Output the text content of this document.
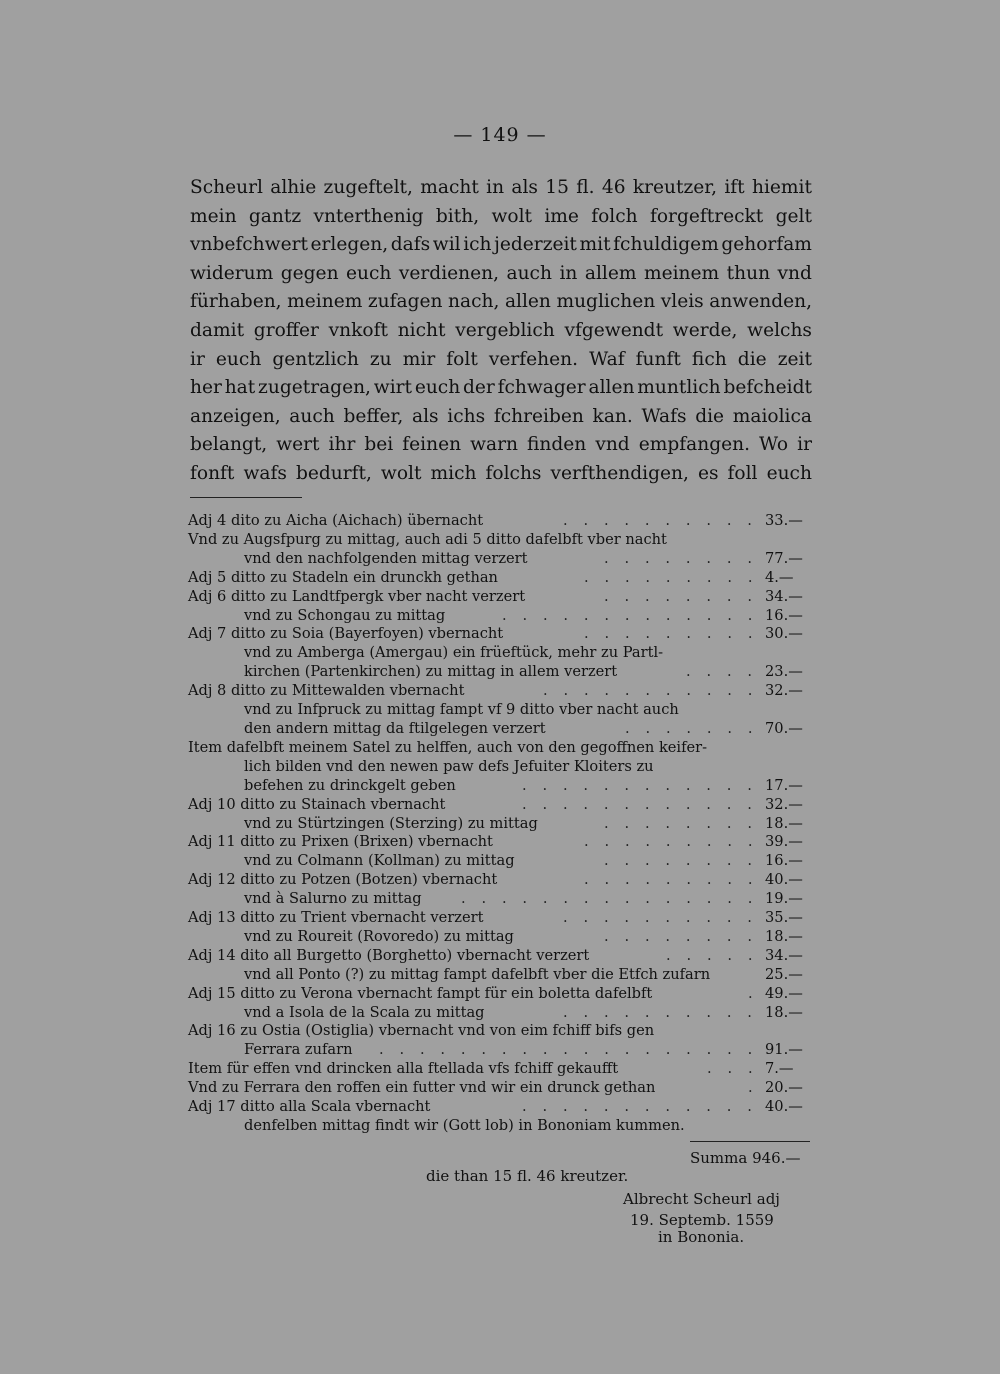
— 149 —
Scheurl alhie zugeftelt, macht in als 15 fl. 46 kreutzer, ift hiemit
mein gantz vnterthenig bith, wolt ime folch forgeftreckt gelt
vnbefchwert erlegen, dafs wil ich jederzeit mit fchuldigem gehorfam
widerum gegen euch verdienen, auch in allem meinem thun vnd
fürhaben, meinem zufagen nach, allen muglichen vleis anwenden,
damit groffer vnkoft nicht vergeblich vfgewendt werde, welchs
ir euch gentzlich zu mir folt verfehen. Waf funft fich die zeit
her hat zugetragen, wirt euch der fchwager allen muntlich befcheidt
anzeigen, auch beffer, als ichs fchreiben kan. Wafs die maiolica
belangt, wert ihr bei feinen warn finden vnd empfangen. Wo ir
fonft wafs bedurft, wolt mich folchs verfthendigen, es foll euch
Adj 4 dito zu Aicha (Aichach) übernacht	. . . . . . . . . . 33.—
Vnd zu Augsfpurg zu mittag, auch adi 5 ditto dafelbft vber nacht
vnd den nachfolgenden mittag verzert	. . . . . . . . 77.—
Adj 5 ditto zu Stadeln ein drunckh gethan	. . . . . . . . . 4.—
Adj 6 ditto zu Landtfpergk vber nacht verzert	. . . . . . . . 34.—
vnd zu Schongau zu mittag	. . . . . . . . . . . . . 16.—
Adj 7 ditto zu Soia (Bayerfoyen) vbernacht	. . . . . . . . . 30.—
vnd zu Amberga (Amergau) ein früeftück, mehr zu Partl-
kirchen (Partenkirchen) zu mittag in allem verzert	. . . . 23.—
Adj 8 ditto zu Mittewalden vbernacht	. . . . . . . . . . . 32.—
vnd zu Infpruck zu mittag fampt vf 9 ditto vber nacht auch
den andern mittag da ftilgelegen verzert	. . . . . . . 70.—
Item dafelbft meinem Satel zu helffen, auch von den gegoffnen keifer-
lich bilden vnd den newen paw defs Jefuiter Kloiters zu
befehen zu drinckgelt geben	. . . . . . . . . . . . 17.—
Adj 10 ditto zu Stainach vbernacht	. . . . . . . . . . . . 32.—
vnd zu Stürtzingen (Sterzing) zu mittag	. . . . . . . . 18.—
Adj 11 ditto zu Prixen (Brixen) vbernacht	. . . . . . . . . 39.—
vnd zu Colmann (Kollman) zu mittag	. . . . . . . . 16.—
Adj 12 ditto zu Potzen (Botzen) vbernacht	. . . . . . . . . 40.—
vnd à Salurno zu mittag	. . . . . . . . . . . . . . . 19.—
Adj 13 ditto zu Trient vbernacht verzert	. . . . . . . . . . 35.—
vnd zu Roureit (Rovoredo) zu mittag	. . . . . . . . 18.—
Adj 14 dito all Burgetto (Borghetto) vbernacht verzert	. . . . . 34.—
vnd all Ponto (?) zu mittag fampt dafelbft vber die Etfch zufarn	25.—
Adj 15 ditto zu Verona vbernacht fampt für ein boletta dafelbft	. 49.—
vnd a Isola de la Scala zu mittag	. . . . . . . . . . 18.—
Adj 16 zu Ostia (Ostiglia) vbernacht vnd von eim fchiff bifs gen
Ferrara zufarn . . . . . . . . . . . . . . . . . . . 91.—
Item für effen vnd drincken alla ftellada vfs fchiff gekaufft	. . . 7.—
Vnd zu Ferrara den roffen ein futter vnd wir ein drunck gethan	. 20.—
Adj 17 ditto alla Scala vbernacht	. . . . . . . . . . . . 40.—
denfelben mittag findt wir (Gott lob) in Bononiam kummen.
Summa 946.—
die than 15 fl. 46 kreutzer.
Albrecht Scheurl adj
19. Septemb. 1559
in Bononia.
